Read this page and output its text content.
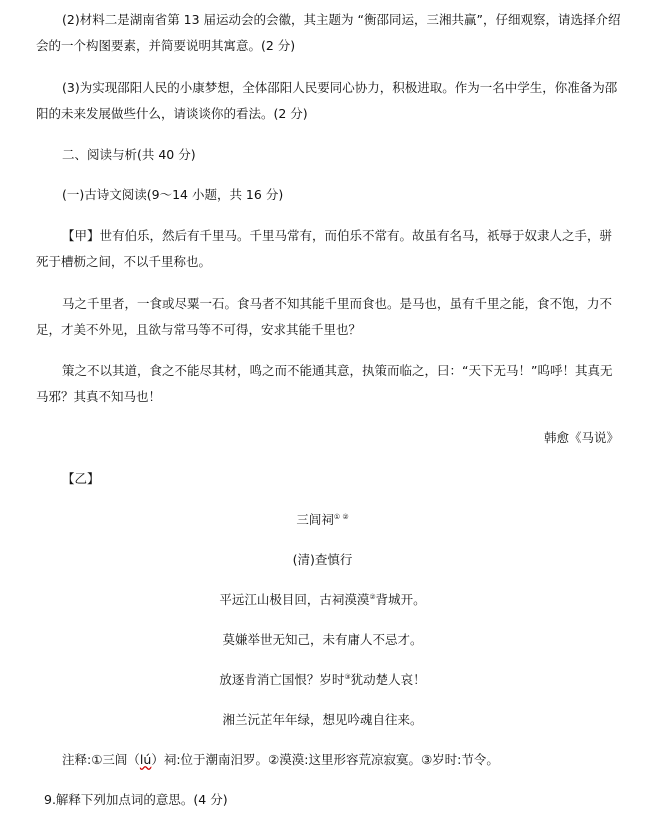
(2)材料二是湖南省第 13 届运动会的会徽，其主题为 “衡邵同运，三湘共赢”，仔细观察，请选择介绍
会的一个构图要素，并简要说明其寓意。(2 分)
(3)为实现邵阳人民的小康梦想，全体邵阳人民要同心协力，积极进取。作为一名中学生，你准备为邵
阳的未来发展做些什么，请谈谈你的看法。(2 分)
二、阅读与析(共 40 分)
(一)古诗文阅读(9～14 小题，共 16 分)
【甲】世有伯乐，然后有千里马。千里马常有，而伯乐不常有。故虽有名马，祇辱于奴隶人之手，骈
死于槽枥之间，不以千里称也。
马之千里者，一食或尽粟一石。食马者不知其能千里而食也。是马也，虽有千里之能，食不饱，力不
足，才美不外见，且欲与常马等不可得，安求其能千里也？
策之不以其道，食之不能尽其材，鸣之而不能通其意，执策而临之，曰：“天下无马！”呜呼！其真无
马邪？其真不知马也！
韩愈《马说》
【乙】
三闾祠① ②
(清)查慎行
平远江山极目回，古祠漠漠②背城开。
莫嫌举世无知己，未有庸人不忌才。
放逐肯消亡国恨？岁时③犹动楚人哀！
湘兰沅芷年年绿，想见吟魂自往来。
注释:①三闾（lú）祠:位于潮南汨罗。②漠漠:这里形容荒凉寂寞。③岁时:节令。
9.解释下列加点词的意思。(4 分)
